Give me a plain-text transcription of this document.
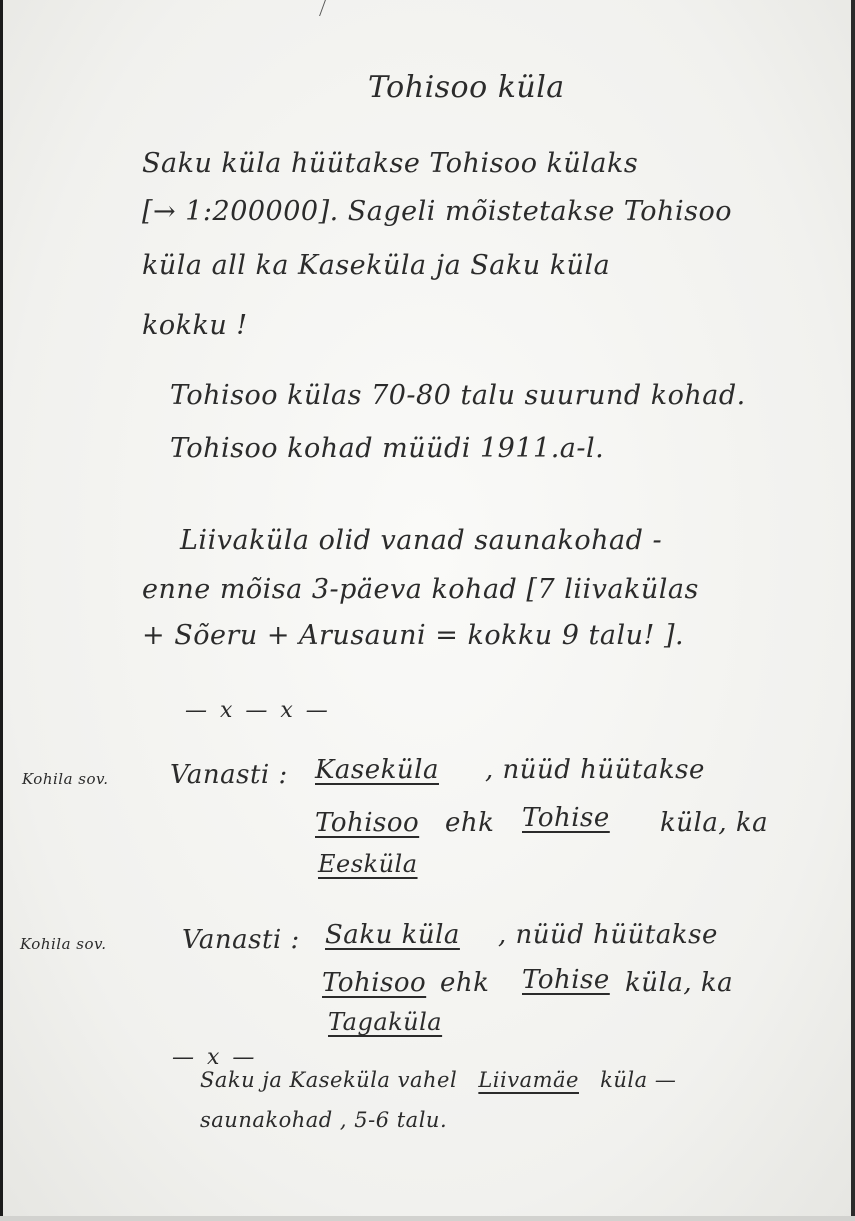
Tohisoo küla
Saku küla hüütakse Tohisoo külaks
[→ 1:200000]. Sageli mõistetakse Tohisoo
küla all ka Kaseküla ja Saku küla
kokku !
Tohisoo külas 70-80 talu suurund kohad.
Tohisoo kohad müüdi 1911.a-l.
Liivaküla olid vanad saunakohad -
enne mõisa 3-päeva kohad [7 liivakülas
+ Sõeru + Arusauni = kokku 9 talu! ].
— x — x —
Kohila sov. Vanasti : Kaseküla , nüüd hüütakse
Tohisoo ehk Tohise küla, ka
Eesküla
Kohila sov.	Vanasti : Saku küla , nüüd hüütakse
Tohisoo ehk Tohise küla, ka
Tagaküla
— x —
Saku ja Kaseküla vahel Liivamäe küla —
saunakohad , 5-6 talu.
